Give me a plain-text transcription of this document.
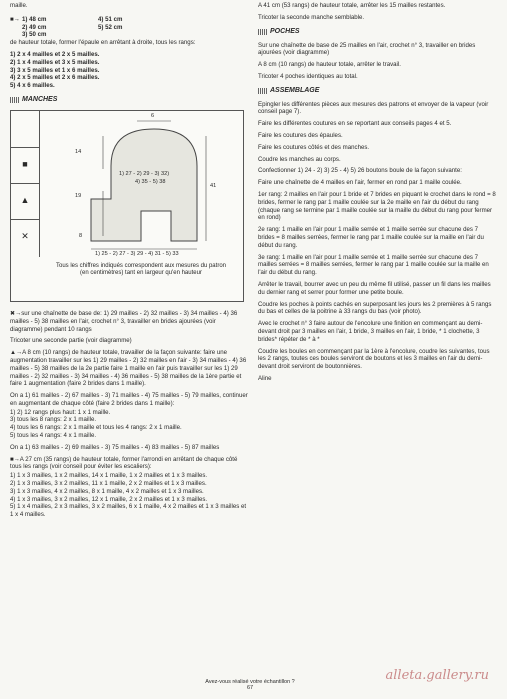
maille.

■→ 1) 48 cm	4) 51 cm
2) 49 cm	5) 52 cm
3) 50 cm

de hauteur totale, former l'épaule en arrêtant à droite, tous les rangs:

1) 2 x 4 mailles et 2 x 5 mailles.
2) 1 x 4 mailles et 3 x 5 mailles.
3) 3 x 5 mailles et 1 x 6 mailles.
4) 2 x 5 mailles et 2 x 6 mailles.
5) 4 x 6 mailles.

MANCHES
■
▲
✕
6
14
19
41
8
1) 27 - 2) 29 - 3) 32)
4) 35 - 5) 38
1) 25 - 2) 27 - 3) 29 - 4) 31 - 5) 33
Tous les chiffres indiqués correspondent aux mesures du patron (en centimètres) tant en largeur qu'en hauteur

✖→sur une chaînette de base de: 1) 29 mailles - 2) 32 mailles - 3) 34 mailles - 4) 36 mailles - 5) 38 mailles en l'air, crochet n° 3, travailler en brides ajourées (voir diagramme) pendant 10 rangs

Tricoter une seconde partie (voir diagramme)

▲→A 8 cm (10 rangs) de hauteur totale, travailler de la façon suivante: faire une augmentation travailler sur les 1) 29 mailles - 2) 32 mailles en l'air - 3) 34 mailles - 4) 36 mailles - 5) 38 mailles de la 2e partie faire 1 maille en l'air puis travailler sur les 1) 29 mailles - 2) 32 mailles - 3) 34 mailles - 4) 36 mailles - 5) 38 mailles de la 1ère partie et faire 1 augmentation (faire 2 brides dans 1 maille).

On a 1) 61 mailles - 2) 67 mailles - 3) 71 mailles - 4) 75 mailles - 5) 79 mailles, continuer en augmentant de chaque côté (faire 2 brides dans 1 maille):

1) 2) 12 rangs plus haut: 1 x 1 maille.
3) tous les 8 rangs: 2 x 1 maille.
4) tous les 6 rangs: 2 x 1 maille et tous les 4 rangs: 2 x 1 maille.
5) tous les 4 rangs: 4 x 1 maille.

On a 1) 63 mailles - 2) 69 mailles - 3) 75 mailles - 4) 83 mailles - 5) 87 mailles

■→A 27 cm (35 rangs) de hauteur totale, former l'arrondi en arrêtant de chaque côté tous les rangs (voir conseil pour éviter les escaliers):

1) 1 x 3 mailles, 1 x 2 mailles, 14 x 1 maille, 1 x 2 mailles et 1 x 3 mailles.
2) 1 x 3 mailles, 3 x 2 mailles, 11 x 1 maille, 2 x 2 mailles et 1 x 3 mailles.
3) 1 x 3 mailles, 4 x 2 mailles, 8 x 1 maille, 4 x 2 mailles et 1 x 3 mailles.
4) 1 x 3 mailles, 3 x 2 mailles, 12 x 1 maille, 2 x 2 mailles et 1 x 3 mailles.
5) 1 x 4 mailles, 2 x 3 mailles, 3 x 2 mailles, 6 x 1 maille, 4 x 2 mailles et 1 x 3 mailles et 1 x 4 mailles.

A 41 cm (53 rangs) de hauteur totale, arrêter les 15 mailles restantes.

Tricoter la seconde manche semblable.

POCHES

Sur une chaînette de base de 25 mailles en l'air, crochet n° 3, travailler en brides ajourées (voir diagramme)

A 8 cm (10 rangs) de hauteur totale, arrêter le travail.

Tricoter 4 poches identiques au total.

ASSEMBLAGE

Epingler les différentes pièces aux mesures des patrons et envoyer de la vapeur (voir conseil page 7).

Faire les différentes coutures en se reportant aux conseils pages 4 et 5.

Faire les coutures des épaules.

Faire les coutures côtés et des manches.

Coudre les manches au corps.

Confectionner 1) 24 - 2) 3) 25 - 4) 5) 26 boutons boule de la façon suivante:

Faire une chaînette de 4 mailles en l'air, fermer en rond par 1 maille coulée.

1er rang: 2 mailles en l'air pour 1 bride et 7 brides en piquant le crochet dans le rond = 8 brides, fermer le rang par 1 maille coulée sur la 2e maille en l'air du début du rang (chaque rang se termine par 1 maille coulée sur la maille du début du rang pour fermer en rond)

2e rang: 1 maille en l'air pour 1 maille serrée et 1 maille serrée sur chacune des 7 brides = 8 mailles serrées, fermer le rang par 1 maille coulée sur la maille en l'air du début du rang.

3e rang: 1 maille en l'air pour 1 maille serrée et 1 maille serrée sur chacune des 7 mailles serrées = 8 mailles serrées, fermer le rang par 1 maille coulée sur la maille en l'air du début du rang.

Arrêter le travail, bourrer avec un peu du même fil utilisé, passer un fil dans les mailles du dernier rang et serrer pour former une petite boule.

Coudre les poches à points cachés en superposant les jours les 2 premières à 5 rangs du bas et celles de la poitrine à 33 rangs du bas (voir photo).

Avec le crochet n° 3 faire autour de l'encolure une finition en commençant au demi-devant droit par 3 mailles en l'air, 1 bride, 3 mailles en l'air, 1 bride, * 1 clochette, 3 brides* répéter de * à *

Coudre les boules en commençant par la 1ère à l'encolure, coudre les suivantes, tous les 2 rangs, toutes ces boules serviront de boutons et les 3 mailles en l'air du demi-devant droit serviront de boutonnières.

Aline

Avez-vous réalisé votre échantillon ?
67
alleta.gallery.ru
